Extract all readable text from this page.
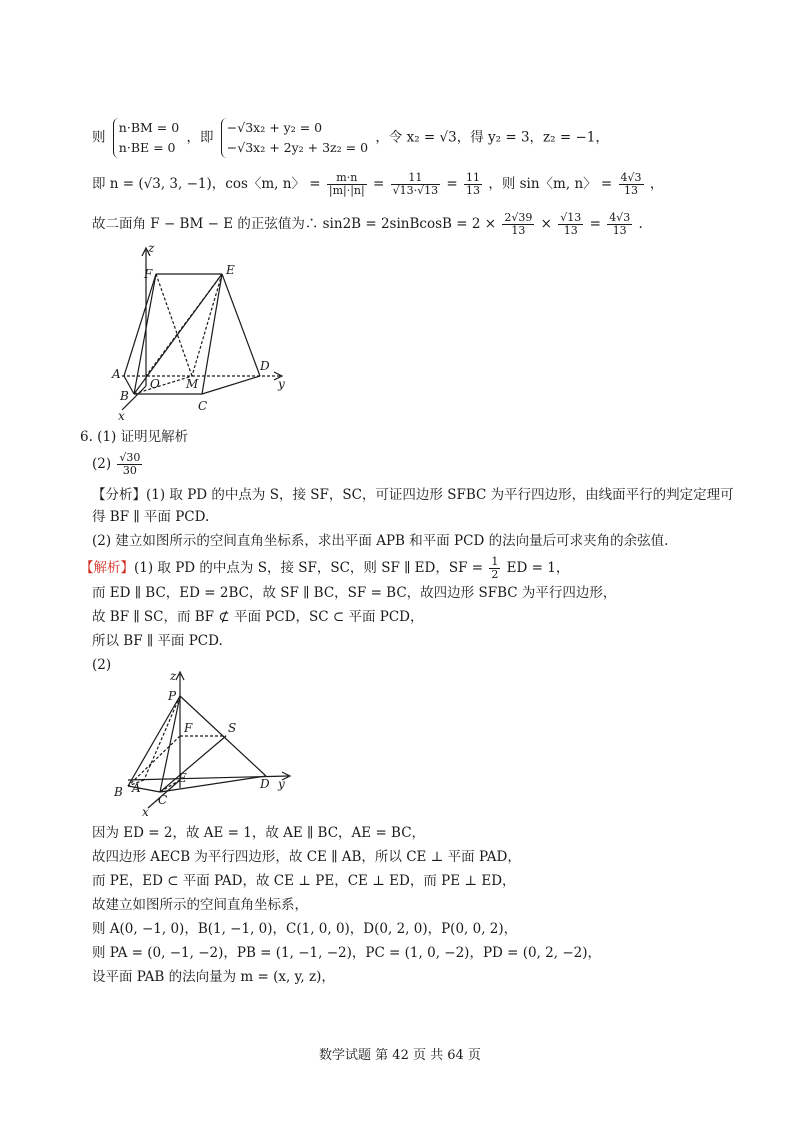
则
n·BM = 0
n·BE = 0
，即
−√3x₂ + y₂ = 0
−√3x₂ + 2y₂ + 3z₂ = 0
，令 x₂ = √3，得 y₂ = 3，z₂ = −1，
即 n = (√3, 3, −1)，cos〈m, n〉 = $\frac{m\cdot n}{|m|\cdot|n|} = \frac{11}{√13\cdot√13} = \frac{11}{13}$ ，则 sin〈m, n〉 = $\frac{4√3}{13}$ ，
故二面角 F − BM − E 的正弦值为∴ sin2B = 2sinBcosB = $2 \times \frac{2√39}{13} \times \frac{√13}{13} = \frac{4√3}{13}$ .
z
F	E
A
O M
D
y
B
C
x
6. (1) 证明见解析
$(2) \frac{√30}{30}$
【分析】(1) 取 PD 的中点为 S，接 SF，SC，可证四边形 SFBC 为平行四边形，由线面平行的判定定理可
得 BF ∥ 平面 PCD.
(2) 建立如图所示的空间直角坐标系，求出平面 APB 和平面 PCD 的法向量后可求夹角的余弦值.
【解析】(1) 取 PD 的中点为 S，接 SF，SC，则 SF ∥ ED，SF = $\frac{1}{2}$ ED = 1，
而 ED ∥ BC，ED = 2BC，故 SF ∥ BC，SF = BC，故四边形 SFBC 为平行四边形，
故 BF ∥ SC，而 BF ⊄ 平面 PCD，SC ⊂ 平面 PCD，
所以 BF ∥ 平面 PCD.
(2)
z
P
F	S
A
E	D y
B
C
x
因为 ED = 2，故 AE = 1，故 AE ∥ BC，AE = BC，
故四边形 AECB 为平行四边形，故 CE ∥ AB，所以 CE ⊥ 平面 PAD，
而 PE，ED ⊂ 平面 PAD，故 CE ⊥ PE，CE ⊥ ED，而 PE ⊥ ED，
故建立如图所示的空间直角坐标系，
则 A(0, −1, 0)，B(1, −1, 0)，C(1, 0, 0)，D(0, 2, 0)，P(0, 0, 2)，
则 PA = (0, −1, −2)，PB = (1, −1, −2)，PC = (1, 0, −2)，PD = (0, 2, −2)，
设平面 PAB 的法向量为 m = (x, y, z)，
数学试题 第 42 页 共 64 页
